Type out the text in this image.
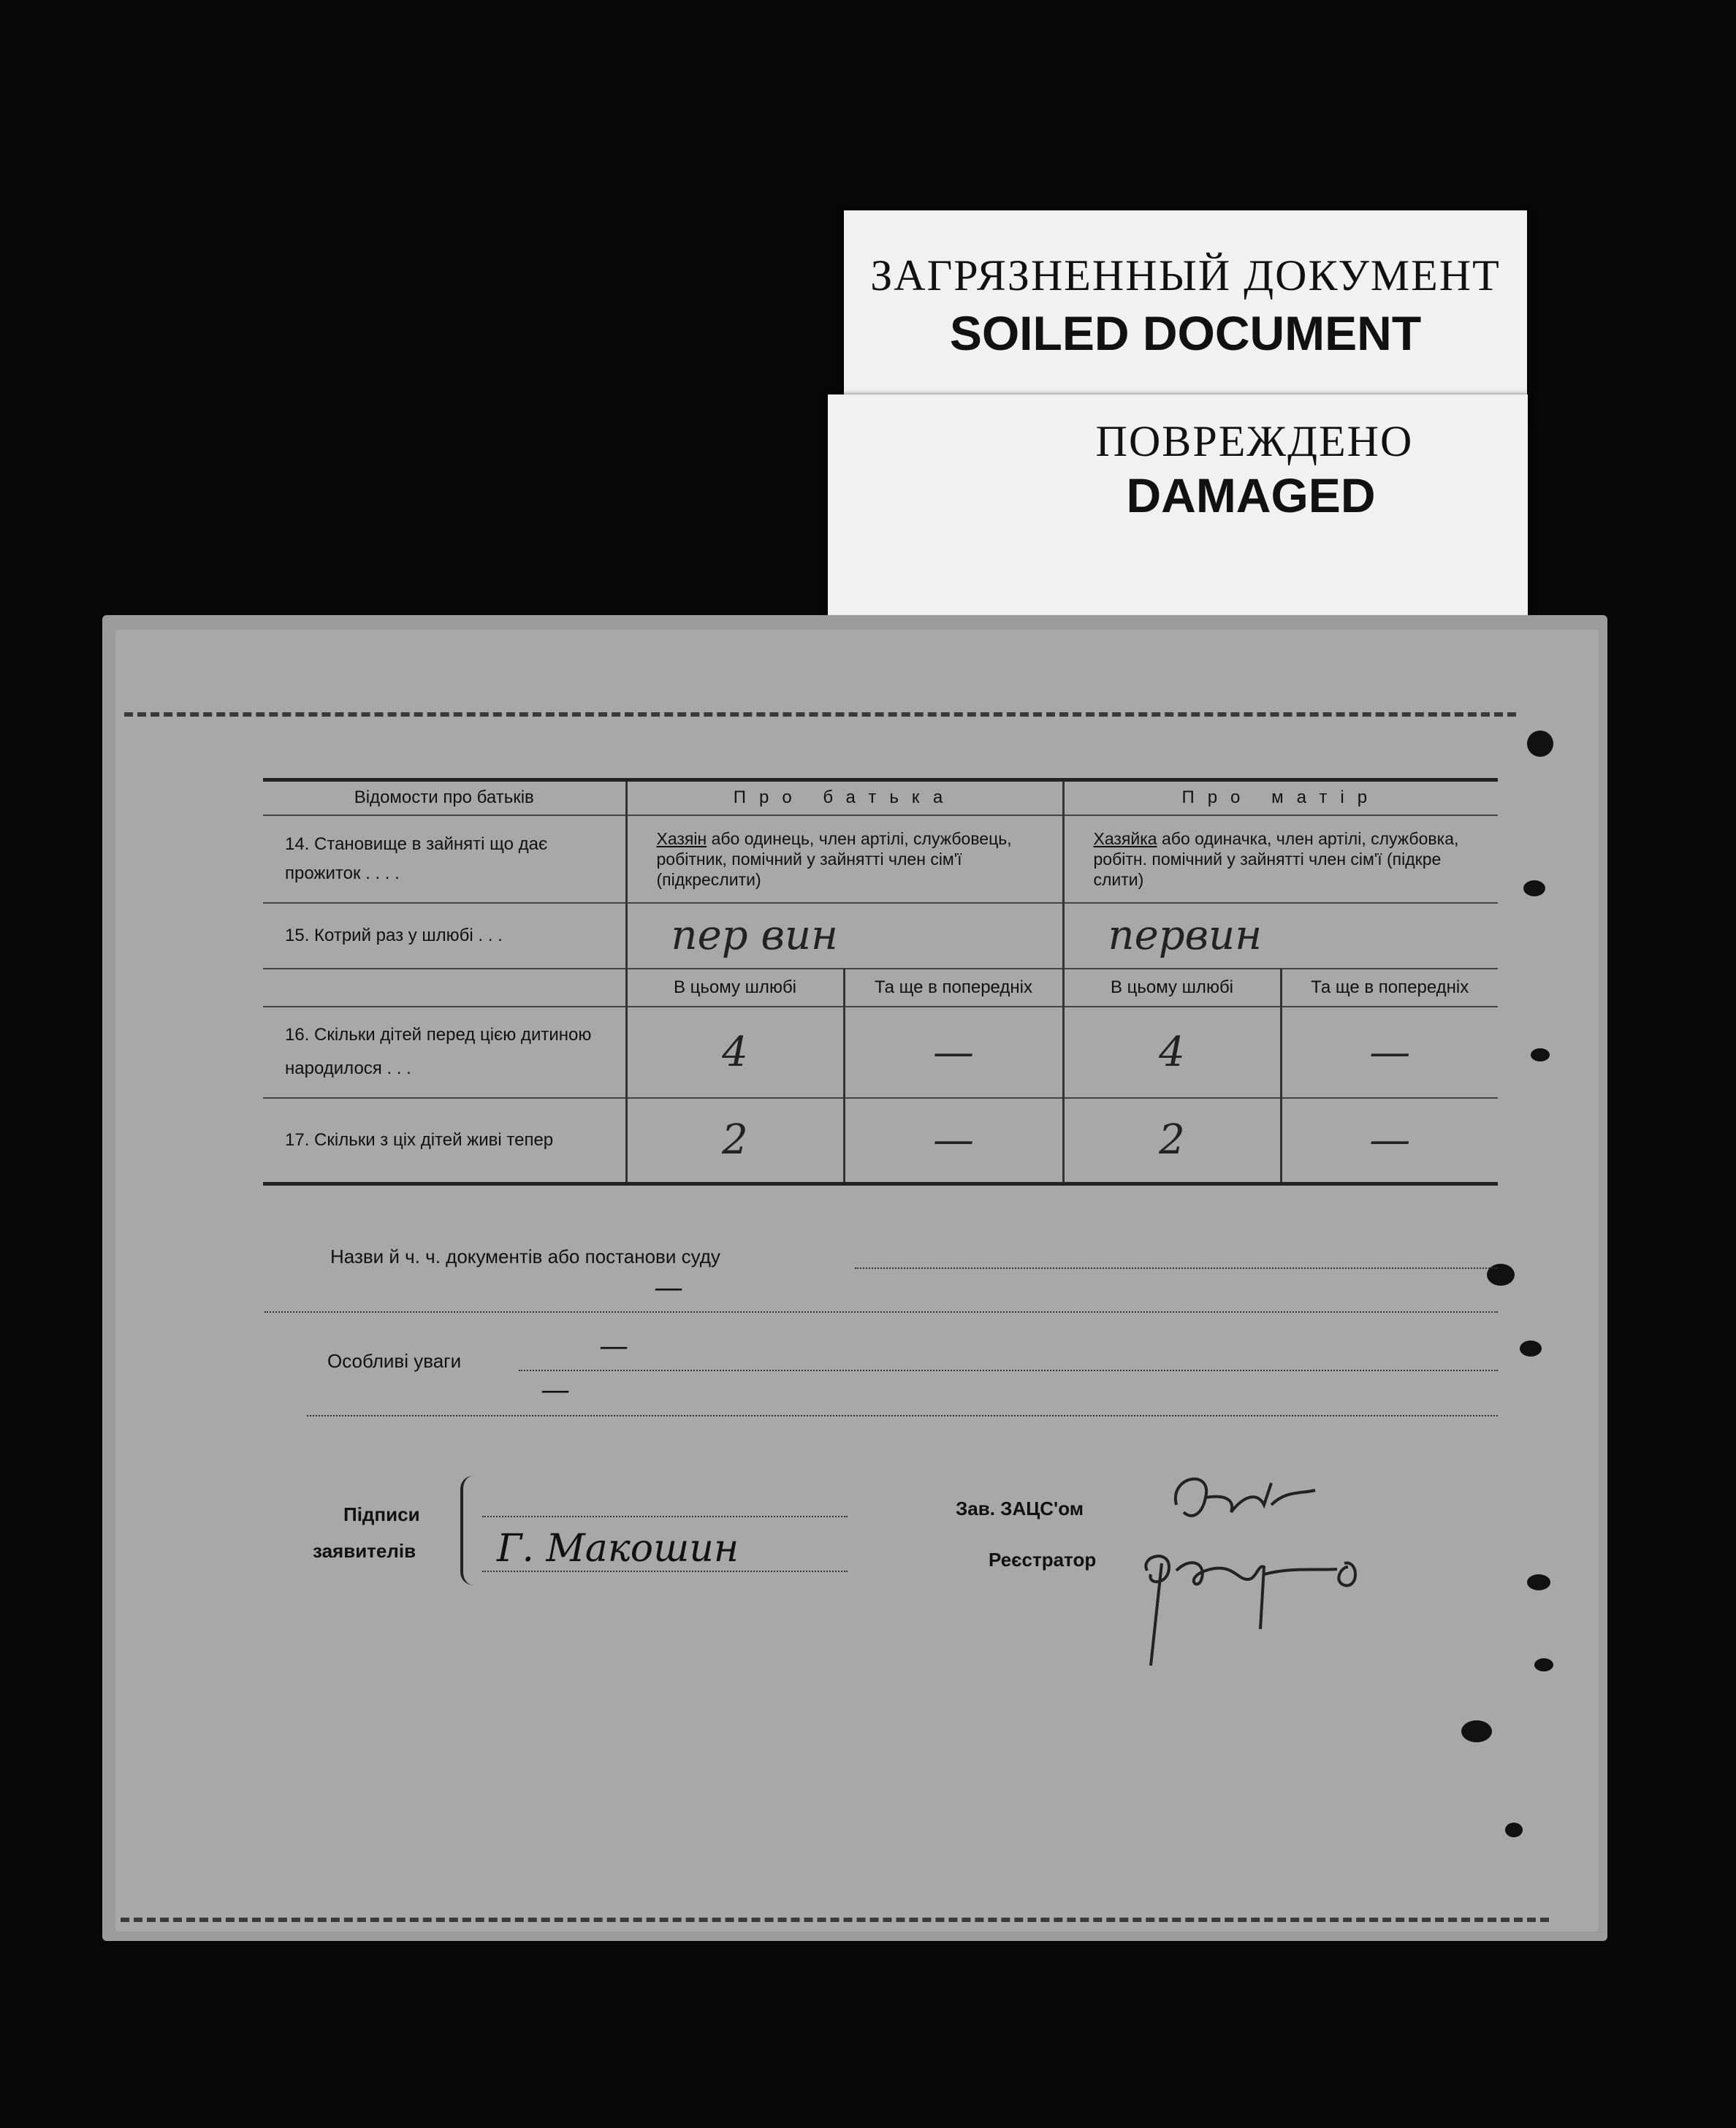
ЗАГРЯЗНЕННЫЙ ДОКУМЕНТ
SOILED DOCUMENT
ПОВРЕЖДЕНО
DAMAGED
Відомости про батьків	Про батька		Про матір	
14. Становище в зайняті що дає прожиток . . . .	Хазяін або одинець, член артілі, службовець, робітник, помічний у зайнятті член сім'ї (підкреслити)		Хазяйка або одиначка, член артілі, службовка, робітн. помічний у зайнятті член сім'ї (підкре слити)	
15. Котрий раз у шлюбі . . .	пер вин		первин	
	В цьому шлюбі	Та ще в попередніх	В цьому шлюбі	Та ще в попередніх
16. Скільки дітей перед цією дитиною народилося . . .	4	—	4	—
17. Скільки з ціх дітей живі тепер	2	—	2	—
Назви й ч. ч. документів або постанови суду
—
Особливі уваги	—
—
Підписи
заявителів Г. Макошин
Зав. ЗАЦС'ом
Реєстратор
